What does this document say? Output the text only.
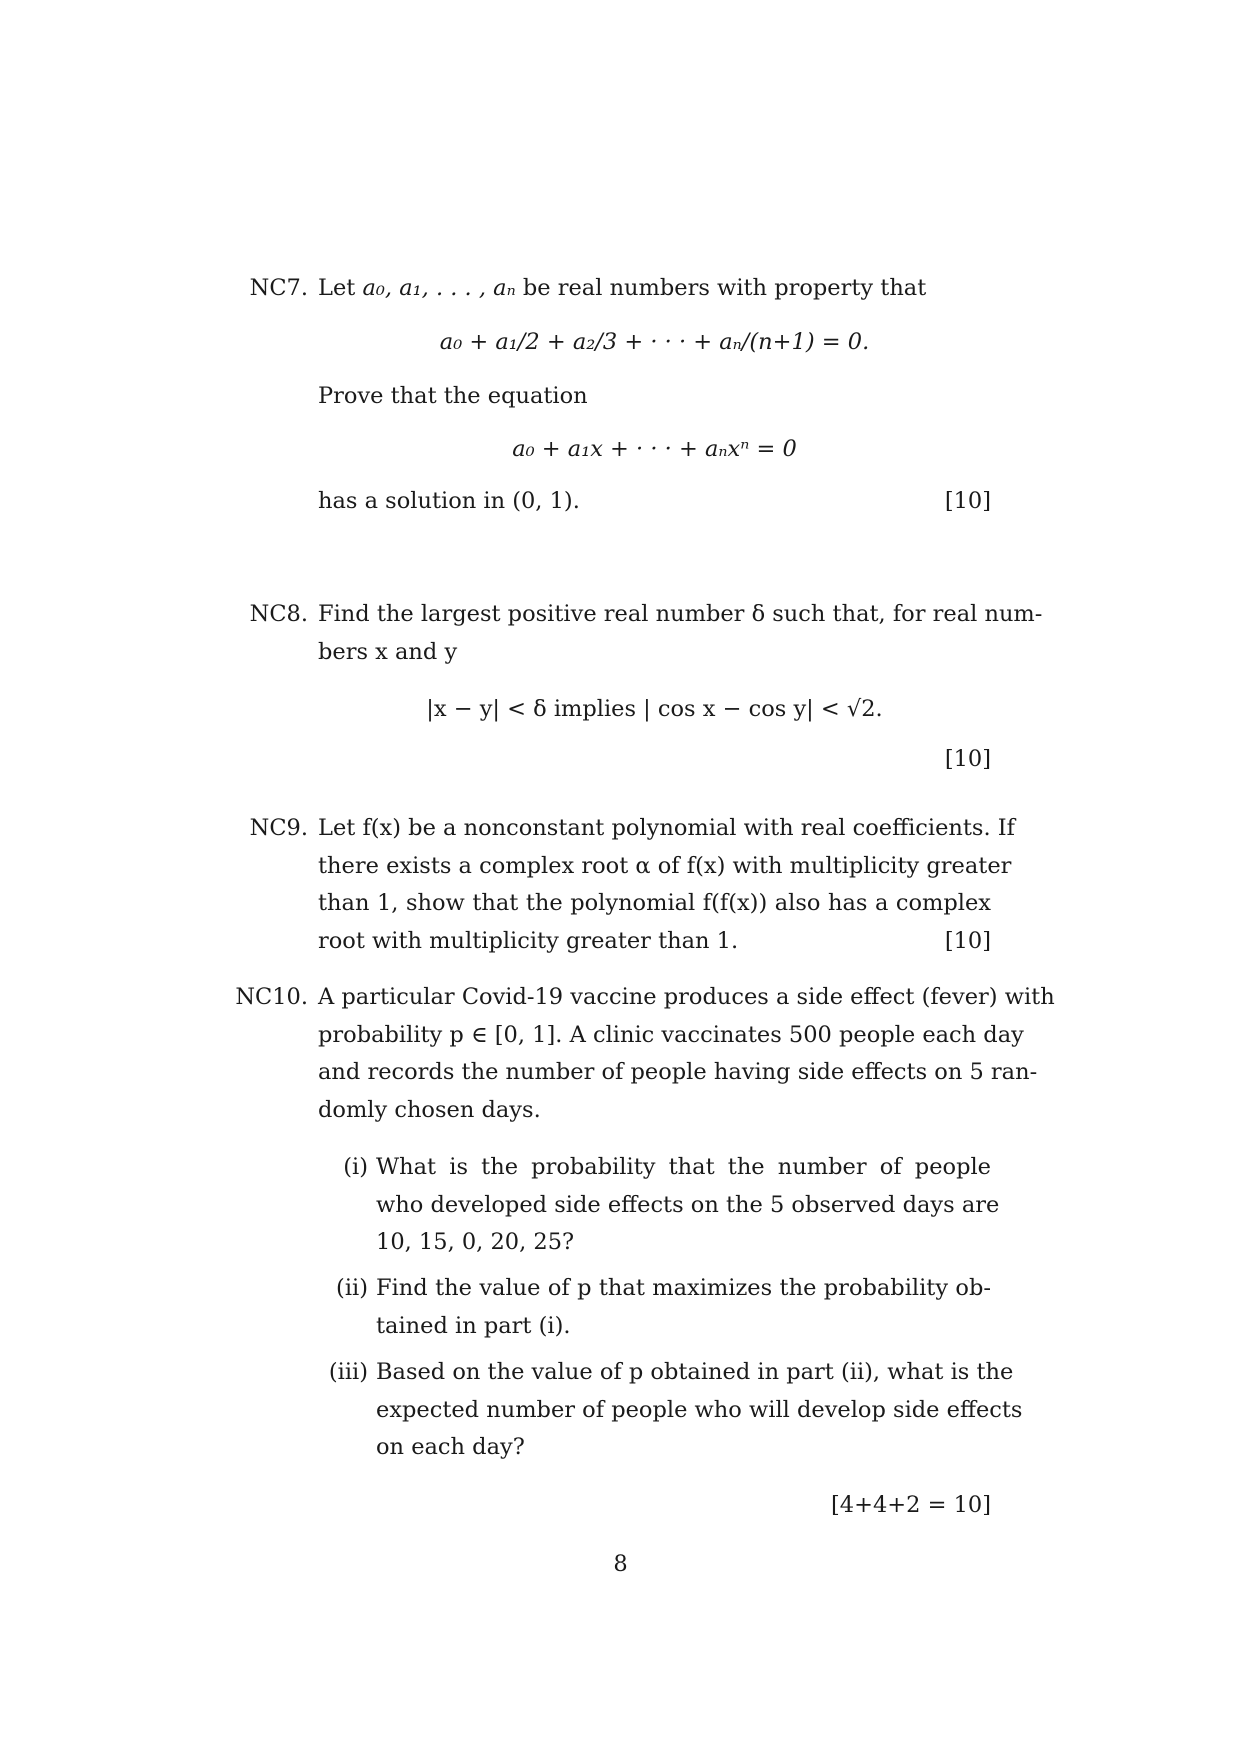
NC7. Let a₀, a₁, . . . , aₙ be real numbers with property that
a₀ + a₁/2 + a₂/3 + · · · + aₙ/(n+1) = 0.
Prove that the equation
a₀ + a₁x + · · · + aₙxⁿ = 0
has a solution in (0, 1).	[10]
NC8. Find the largest positive real number δ such that, for real num-
bers x and y
|x − y| < δ implies | cos x − cos y| < √2.
[10]
NC9. Let f(x) be a nonconstant polynomial with real coefficients. If
there exists a complex root α of f(x) with multiplicity greater
than 1, show that the polynomial f(f(x)) also has a complex
root with multiplicity greater than 1.	[10]
NC10. A particular Covid-19 vaccine produces a side effect (fever) with
probability p ∈ [0, 1]. A clinic vaccinates 500 people each day
and records the number of people having side effects on 5 ran-
domly chosen days.
(i) What is the probability that the number of people
who developed side effects on the 5 observed days are
10, 15, 0, 20, 25?
(ii) Find the value of p that maximizes the probability ob-
tained in part (i).
(iii) Based on the value of p obtained in part (ii), what is the
expected number of people who will develop side effects
on each day?
[4+4+2 = 10]
8
